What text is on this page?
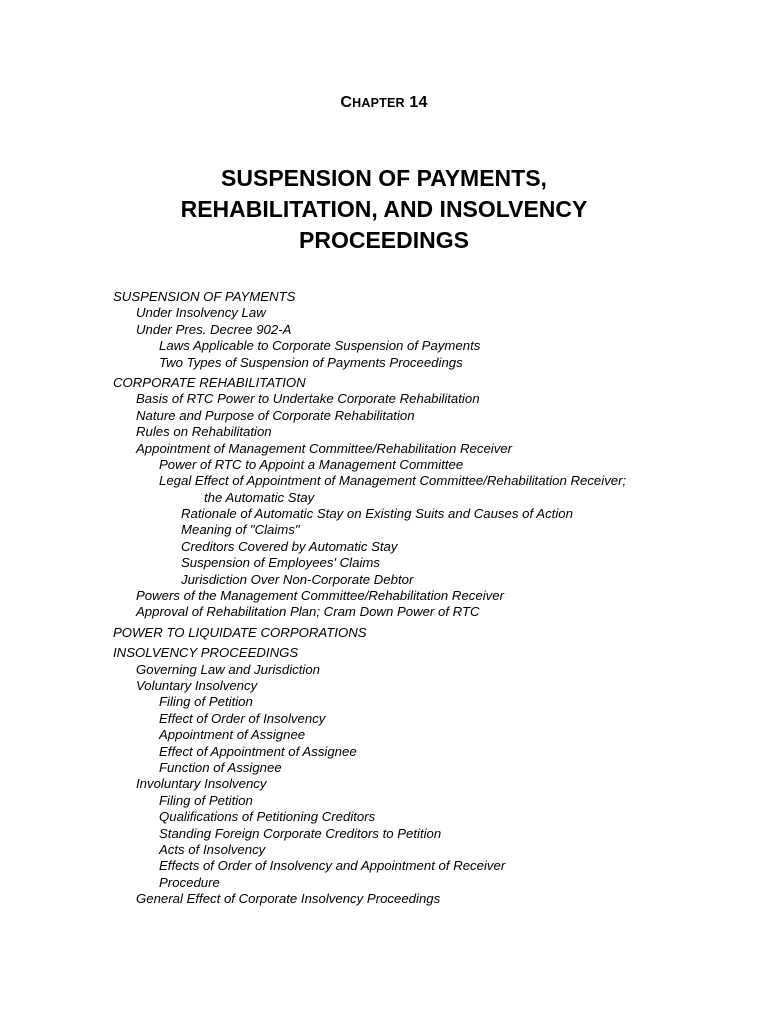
CHAPTER 14
SUSPENSION OF PAYMENTS,
REHABILITATION, AND INSOLVENCY
PROCEEDINGS
SUSPENSION OF PAYMENTS
Under Insolvency Law
Under Pres. Decree 902-A
Laws Applicable to Corporate Suspension of Payments
Two Types of Suspension of Payments Proceedings
CORPORATE REHABILITATION
Basis of RTC Power to Undertake Corporate Rehabilitation
Nature and Purpose of Corporate Rehabilitation
Rules on Rehabilitation
Appointment of Management Committee/Rehabilitation Receiver
Power of RTC to Appoint a Management Committee
Legal Effect of Appointment of Management Committee/Rehabilitation Receiver;
the Automatic Stay
Rationale of Automatic Stay on Existing Suits and Causes of Action
Meaning of "Claims"
Creditors Covered by Automatic Stay
Suspension of Employees' Claims
Jurisdiction Over Non-Corporate Debtor
Powers of the Management Committee/Rehabilitation Receiver
Approval of Rehabilitation Plan; Cram Down Power of RTC
POWER TO LIQUIDATE CORPORATIONS
INSOLVENCY PROCEEDINGS
Governing Law and Jurisdiction
Voluntary Insolvency
Filing of Petition
Effect of Order of Insolvency
Appointment of Assignee
Effect of Appointment of Assignee
Function of Assignee
Involuntary Insolvency
Filing of Petition
Qualifications of Petitioning Creditors
Standing Foreign Corporate Creditors to Petition
Acts of Insolvency
Effects of Order of Insolvency and Appointment of Receiver
Procedure
General Effect of Corporate Insolvency Proceedings
